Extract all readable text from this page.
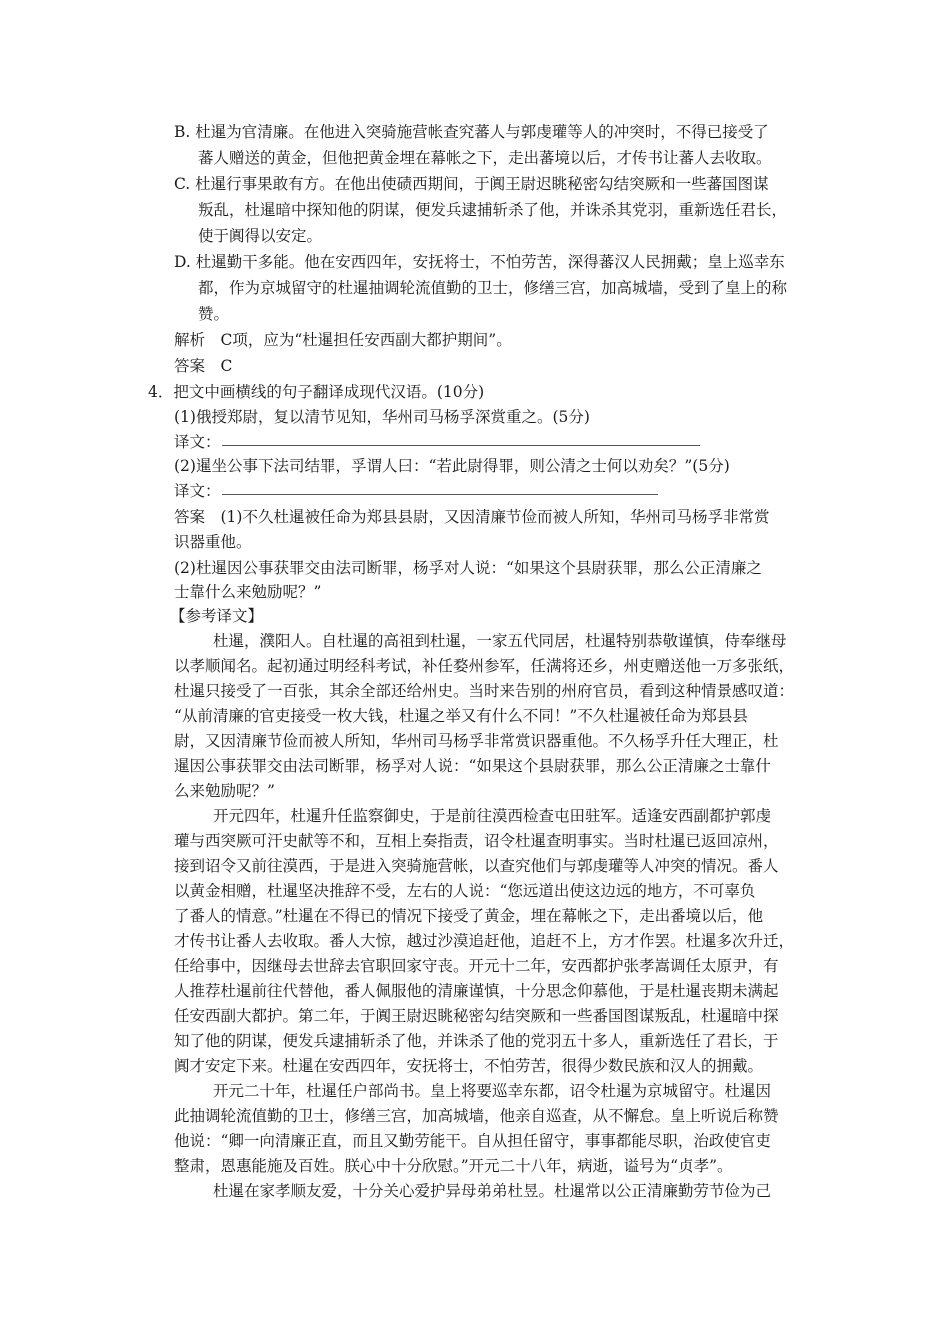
B. 杜暹为官清廉。在他进入突骑施营帐查究蕃人与郭虔瓘等人的冲突时，不得已接受了
蕃人赠送的黄金，但他把黄金埋在幕帐之下，走出蕃境以后，才传书让蕃人去收取。
C. 杜暹行事果敢有方。在他出使碛西期间，于阗王尉迟眺秘密勾结突厥和一些蕃国图谋
叛乱，杜暹暗中探知他的阴谋，便发兵逮捕斩杀了他，并诛杀其党羽，重新选任君长，
使于阗得以安定。
D. 杜暹勤干多能。他在安西四年，安抚将士，不怕劳苦，深得蕃汉人民拥戴；皇上巡幸东
都，作为京城留守的杜暹抽调轮流值勤的卫士，修缮三宫，加高城墙，受到了皇上的称
赞。
解析　C项，应为“杜暹担任安西副大都护期间”。
答案　C
4．把文中画横线的句子翻译成现代汉语。(10分)
(1)俄授郑尉，复以清节见知，华州司马杨孚深赏重之。(5分)
译文：
(2)暹坐公事下法司结罪，孚谓人曰：“若此尉得罪，则公清之士何以劝矣？”(5分)
译文：
答案　(1)不久杜暹被任命为郑县县尉，又因清廉节俭而被人所知，华州司马杨孚非常赏
识器重他。
(2)杜暹因公事获罪交由法司断罪，杨孚对人说：“如果这个县尉获罪，那么公正清廉之
士靠什么来勉励呢？”
【参考译文】
杜暹，濮阳人。自杜暹的高祖到杜暹，一家五代同居，杜暹特别恭敬谨慎，侍奉继母
以孝顺闻名。起初通过明经科考试，补任婺州参军，任满将还乡，州吏赠送他一万多张纸，
杜暹只接受了一百张，其余全部还给州史。当时来告别的州府官员，看到这种情景感叹道：
“从前清廉的官吏接受一枚大钱，杜暹之举又有什么不同！”不久杜暹被任命为郑县县
尉，又因清廉节俭而被人所知，华州司马杨孚非常赏识器重他。不久杨孚升任大理正，杜
暹因公事获罪交由法司断罪，杨孚对人说：“如果这个县尉获罪，那么公正清廉之士靠什
么来勉励呢？”
开元四年，杜暹升任监察御史，于是前往漠西检查屯田驻军。适逢安西副都护郭虔
瓘与西突厥可汗史献等不和，互相上奏指责，诏令杜暹查明事实。当时杜暹已返回凉州，
接到诏令又前往漠西，于是进入突骑施营帐，以查究他们与郭虔瓘等人冲突的情况。番人
以黄金相赠，杜暹坚决推辞不受，左右的人说：“您远道出使这边远的地方，不可辜负
了番人的情意。”杜暹在不得已的情况下接受了黄金，埋在幕帐之下，走出番境以后，他
才传书让番人去收取。番人大惊，越过沙漠追赶他，追赶不上，方才作罢。杜暹多次升迁，
任给事中，因继母去世辞去官职回家守丧。开元十二年，安西都护张孝嵩调任太原尹，有
人推荐杜暹前往代替他，番人佩服他的清廉谨慎，十分思念仰慕他，于是杜暹丧期未满起
任安西副大都护。第二年，于阗王尉迟眺秘密勾结突厥和一些番国图谋叛乱，杜暹暗中探
知了他的阴谋，便发兵逮捕斩杀了他，并诛杀了他的党羽五十多人，重新选任了君长，于
阗才安定下来。杜暹在安西四年，安抚将士，不怕劳苦，很得少数民族和汉人的拥戴。
开元二十年，杜暹任户部尚书。皇上将要巡幸东都，诏令杜暹为京城留守。杜暹因
此抽调轮流值勤的卫士，修缮三宫，加高城墙，他亲自巡查，从不懈怠。皇上听说后称赞
他说：“卿一向清廉正直，而且又勤劳能干。自从担任留守，事事都能尽职，治政使官吏
整肃，恩惠能施及百姓。朕心中十分欣慰。”开元二十八年，病逝，谥号为“贞孝”。
杜暹在家孝顺友爱，十分关心爱护异母弟弟杜昱。杜暹常以公正清廉勤劳节俭为己
